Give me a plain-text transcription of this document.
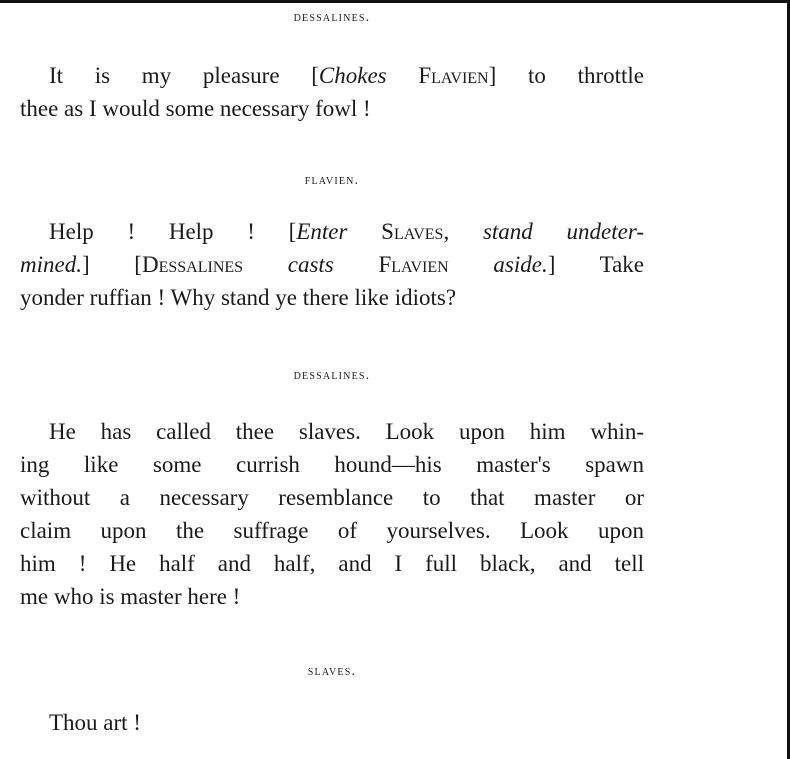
dessalines.
It is my pleasure [Chokes Flavien] to throttle
thee as I would some necessary fowl !
flavien.
Help ! Help ! [Enter Slaves, stand undeter-
mined.] [Dessalines casts Flavien aside.] Take
yonder ruffian ! Why stand ye there like idiots?
dessalines.
He has called thee slaves. Look upon him whin-
ing like some currish hound—his master's spawn
without a necessary resemblance to that master or
claim upon the suffrage of yourselves. Look upon
him ! He half and half, and I full black, and tell
me who is master here !
slaves.
Thou art !
